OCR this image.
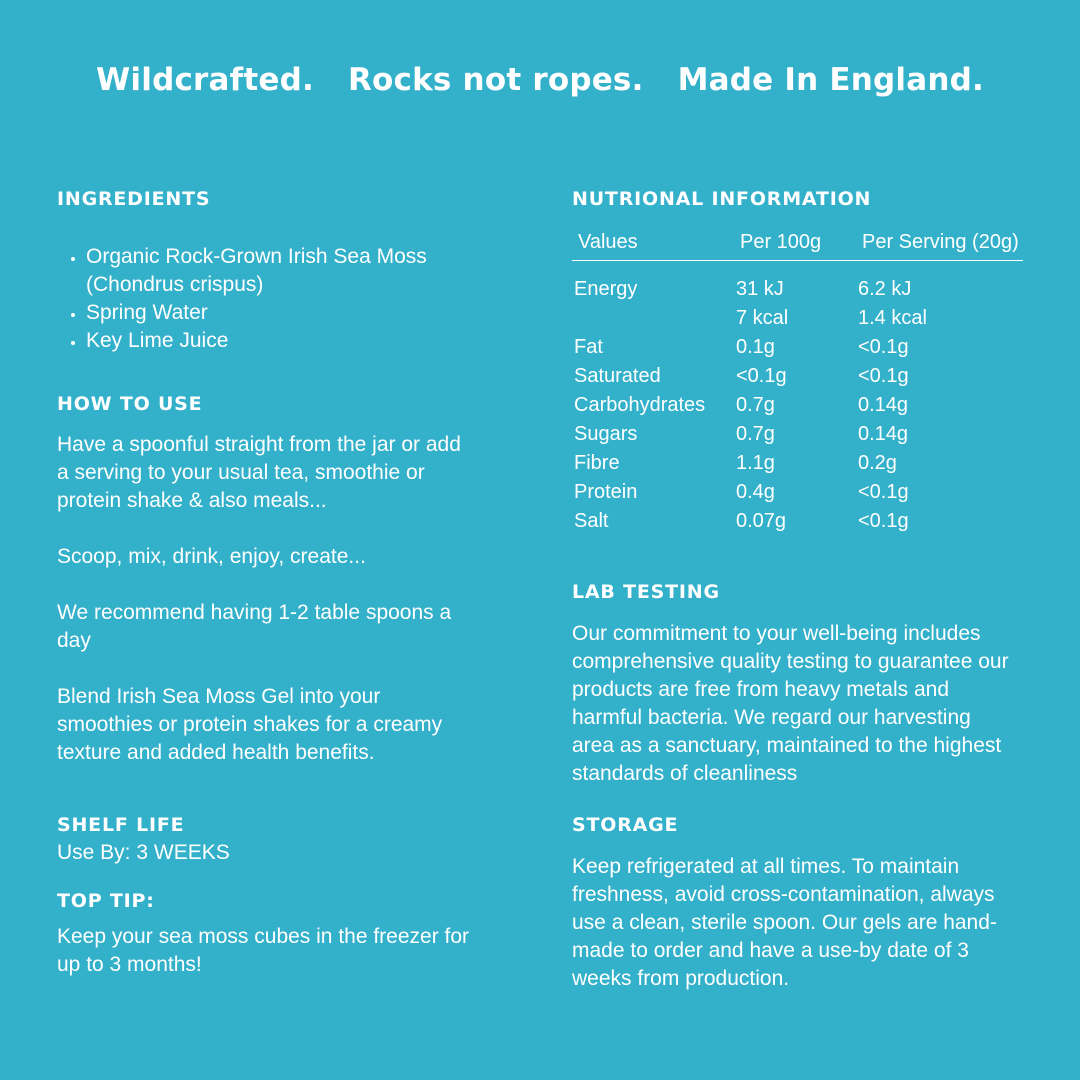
Wildcrafted. Rocks not ropes. Made In England.
INGREDIENTS
• Organic Rock-Grown Irish Sea Moss (Chondrus crispus)
• Spring Water
• Key Lime Juice
HOW TO USE

Have a spoonful straight from the jar or add a serving to your usual tea, smoothie or protein shake & also meals...

Scoop, mix, drink, enjoy, create...

We recommend having 1-2 table spoons a day

Blend Irish Sea Moss Gel into your smoothies or protein shakes for a creamy texture and added health benefits.

SHELF LIFE
Use By: 3 WEEKS
TOP TIP:
Keep your sea moss cubes in the freezer for up to 3 months!
NUTRIONAL INFORMATION
Values	Per 100g	Per Serving (20g)
Energy	31 kJ	6.2 kJ
	7 kcal	1.4 kcal
Fat	0.1g	<0.1g
Saturated	<0.1g	<0.1g
Carbohydrates	0.7g	0.14g
Sugars	0.7g	0.14g
Fibre	1.1g	0.2g
Protein	0.4g	<0.1g
Salt	0.07g	<0.1g
LAB TESTING
Our commitment to your well-being includes comprehensive quality testing to guarantee our products are free from heavy metals and harmful bacteria. We regard our harvesting area as a sanctuary, maintained to the highest standards of cleanliness
STORAGE
Keep refrigerated at all times. To maintain freshness, avoid cross-contamination, always use a clean, sterile spoon. Our gels are hand-made to order and have a use-by date of 3 weeks from production.
